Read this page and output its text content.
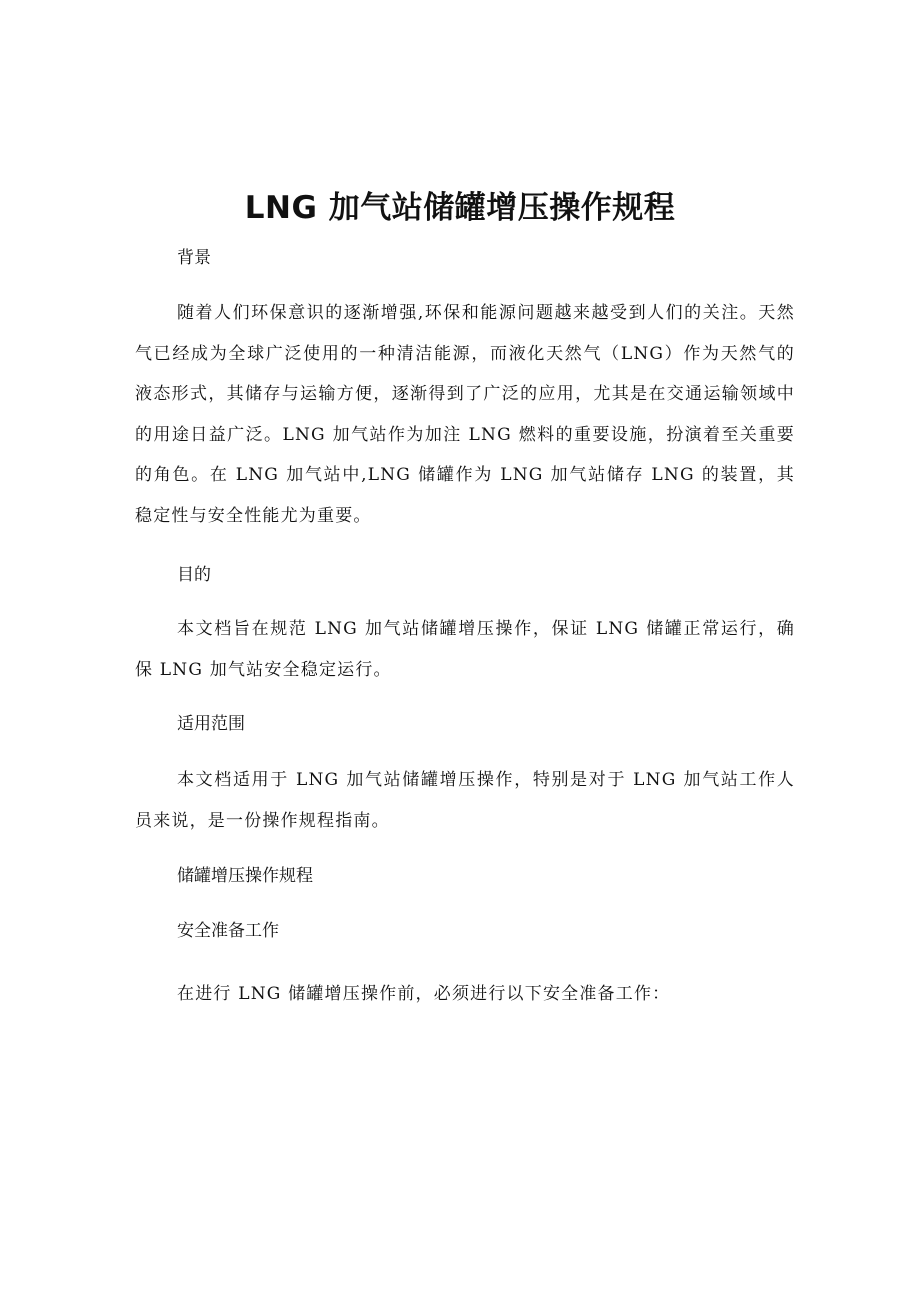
LNG 加气站储罐增压操作规程

背景

随着人们环保意识的逐渐增强,环保和能源问题越来越受到人们的关注。天然气已经成为全球广泛使用的一种清洁能源，而液化天然气（LNG）作为天然气的液态形式，其储存与运输方便，逐渐得到了广泛的应用，尤其是在交通运输领域中的用途日益广泛。LNG 加气站作为加注 LNG 燃料的重要设施，扮演着至关重要的角色。在 LNG 加气站中,LNG 储罐作为 LNG 加气站储存 LNG 的装置，其稳定性与安全性能尤为重要。

目的

本文档旨在规范 LNG 加气站储罐增压操作，保证 LNG 储罐正常运行，确保 LNG 加气站安全稳定运行。

适用范围

本文档适用于 LNG 加气站储罐增压操作，特别是对于 LNG 加气站工作人员来说，是一份操作规程指南。

储罐增压操作规程

安全准备工作

在进行 LNG 储罐增压操作前，必须进行以下安全准备工作：
